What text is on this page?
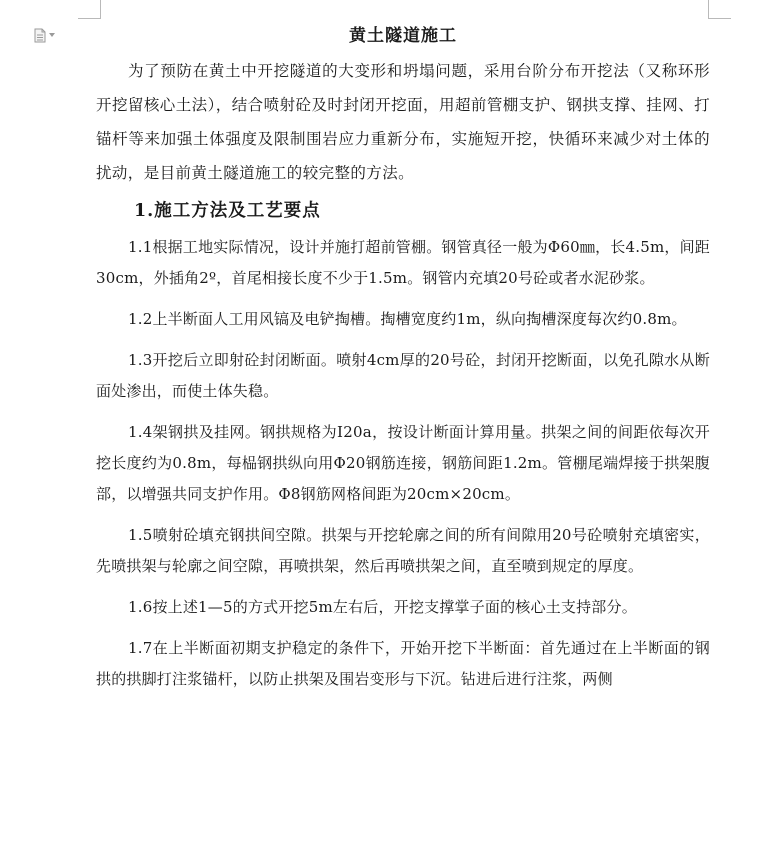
黄土隧道施工

为了预防在黄土中开挖隧道的大变形和坍塌问题，采用台阶分布开挖法（又称环形开挖留核心土法），结合喷射砼及时封闭开挖面，用超前管棚支护、钢拱支撑、挂网、打锚杆等来加强土体强度及限制围岩应力重新分布，实施短开挖，快循环来减少对土体的扰动，是目前黄土隧道施工的较完整的方法。

1.施工方法及工艺要点

1.1根据工地实际情况，设计并施打超前管棚。钢管真径一般为Φ60㎜，长4.5m，间距30cm，外插角2º，首尾相接长度不少于1.5m。钢管内充填20号砼或者水泥砂浆。

1.2上半断面人工用风镐及电铲掏槽。掏槽宽度约1m，纵向掏槽深度每次约0.8m。

1.3开挖后立即射砼封闭断面。喷射4cm厚的20号砼，封闭开挖断面，以免孔隙水从断面处渗出，而使土体失稳。

1.4架钢拱及挂网。钢拱规格为Ⅰ20a，按设计断面计算用量。拱架之间的间距依每次开挖长度约为0.8m，每榀钢拱纵向用Φ20钢筋连接，钢筋间距1.2m。管棚尾端焊接于拱架腹部，以增强共同支护作用。Φ8钢筋网格间距为20cm×20cm。

1.5喷射砼填充钢拱间空隙。拱架与开挖轮廓之间的所有间隙用20号砼喷射充填密实，先喷拱架与轮廓之间空隙，再喷拱架，然后再喷拱架之间，直至喷到规定的厚度。

1.6按上述1—5的方式开挖5m左右后，开挖支撑掌子面的核心土支持部分。

1.7在上半断面初期支护稳定的条件下，开始开挖下半断面：首先通过在上半断面的钢拱的拱脚打注浆锚杆，以防止拱架及围岩变形与下沉。钻进后进行注浆，两侧
